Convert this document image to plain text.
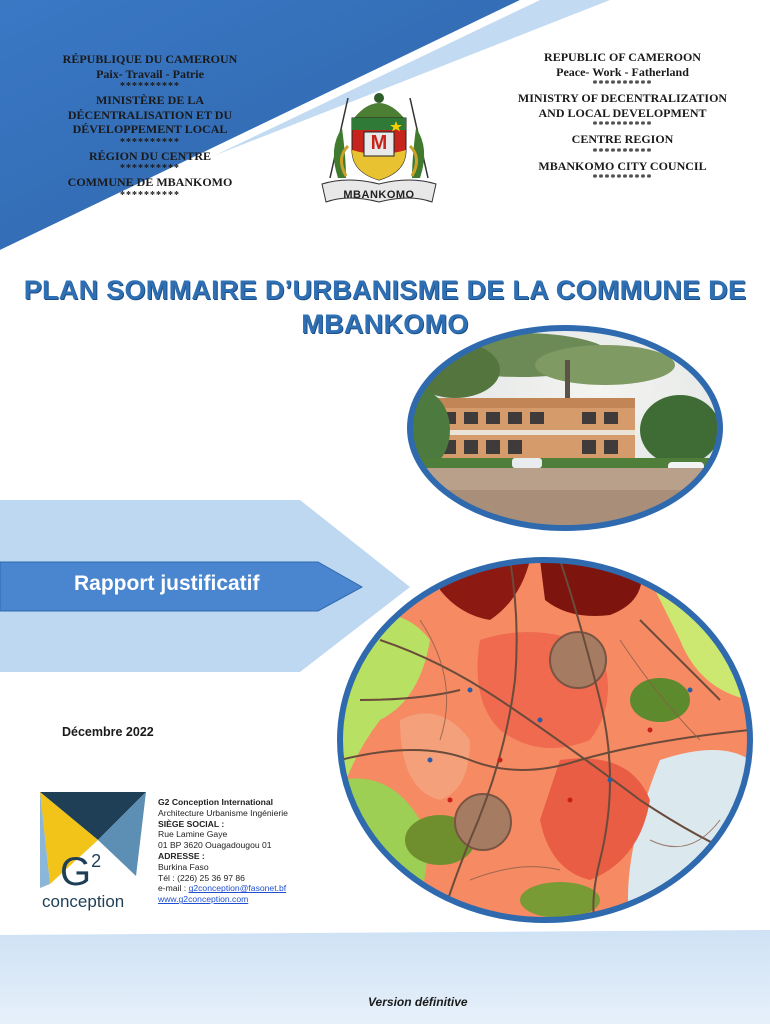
RÉPUBLIQUE DU CAMEROUN
Paix- Travail - Patrie
**********
MINISTÈRE DE LA
DÉCENTRALISATION ET DU
DÉVELOPPEMENT LOCAL
**********
RÉGION DU CENTRE
**********
COMMUNE DE MBANKOMO
**********
REPUBLIC OF CAMEROON
Peace- Work - Fatherland
**********
MINISTRY OF DECENTRALIZATION
AND LOCAL DEVELOPMENT
**********
CENTRE REGION
**********
MBANKOMO CITY COUNCIL
**********
M
MBANKOMO
PLAN SOMMAIRE D’URBANISME DE LA COMMUNE DE
MBANKOMO
Rapport justificatif
Décembre 2022
$G^2$
conception
G2 Conception International
Architecture Urbanisme Ingénierie
SIÈGE SOCIAL :
Rue Lamine Gaye
01 BP 3620 Ouagadougou 01
ADRESSE :
Burkina Faso
Tél : (226) 25 36 97 86
e-mail : g2conception@fasonet.bf
www.g2conception.com
Version définitive
